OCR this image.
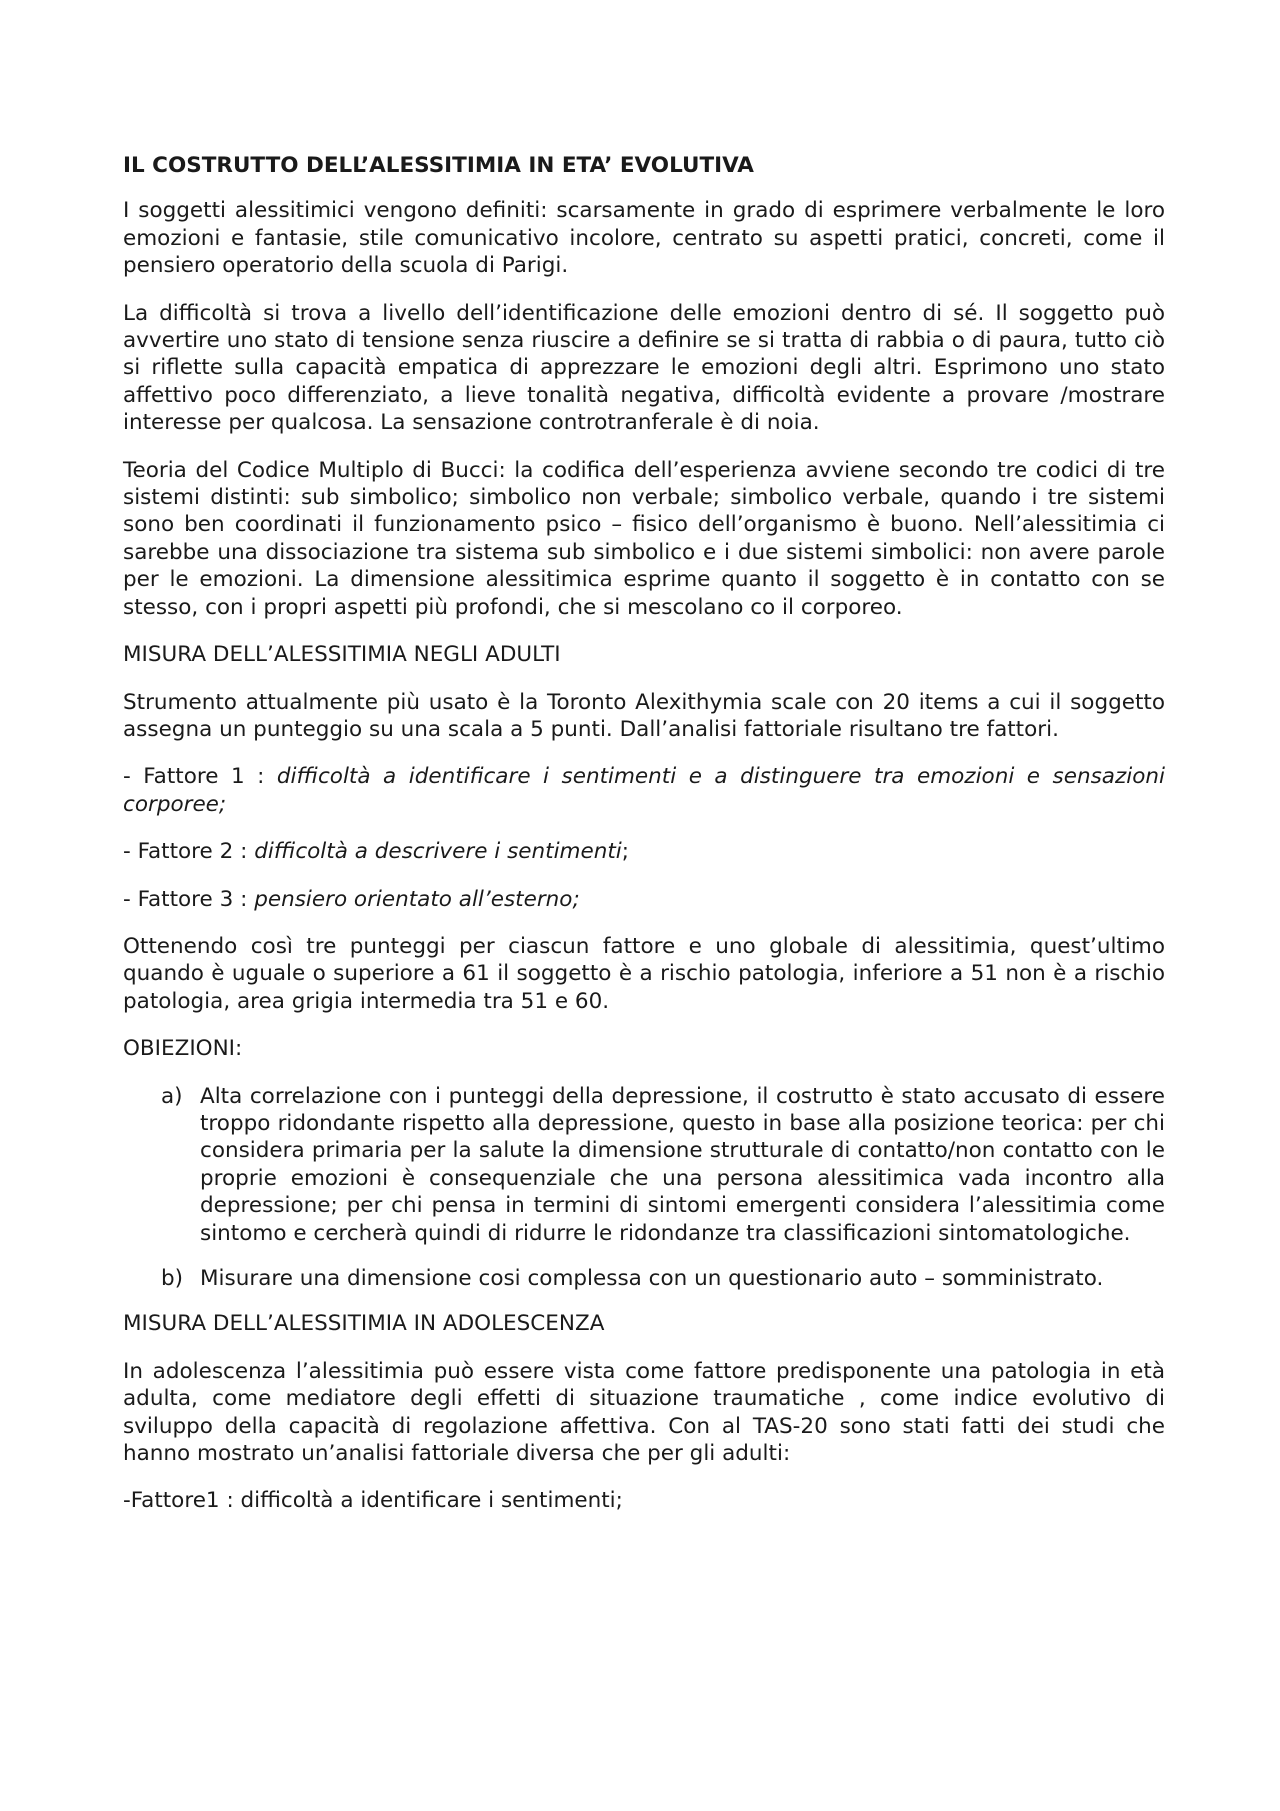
IL COSTRUTTO DELL’ALESSITIMIA IN ETA’ EVOLUTIVA

I soggetti alessitimici vengono definiti: scarsamente in grado di esprimere verbalmente le loro emozioni e fantasie, stile comunicativo incolore, centrato su aspetti pratici, concreti, come il pensiero operatorio della scuola di Parigi.

La difficoltà si trova a livello dell’identificazione delle emozioni dentro di sé. Il soggetto può avvertire uno stato di tensione senza riuscire a definire se si tratta di rabbia o di paura, tutto ciò si riflette sulla capacità empatica di apprezzare le emozioni degli altri. Esprimono uno stato affettivo poco differenziato, a lieve tonalità negativa, difficoltà evidente a provare /mostrare interesse per qualcosa. La sensazione controtranferale è di noia.

Teoria del Codice Multiplo di Bucci: la codifica dell’esperienza avviene secondo tre codici di tre sistemi distinti: sub simbolico; simbolico non verbale; simbolico verbale, quando i tre sistemi sono ben coordinati il funzionamento psico – fisico dell’organismo è buono. Nell’alessitimia ci sarebbe una dissociazione tra sistema sub simbolico e i due sistemi simbolici: non avere parole per le emozioni. La dimensione alessitimica esprime quanto il soggetto è in contatto con se stesso, con i propri aspetti più profondi, che si mescolano co il corporeo.

MISURA DELL’ALESSITIMIA NEGLI ADULTI

Strumento attualmente più usato è la Toronto Alexithymia scale con 20 items a cui il soggetto assegna un punteggio su una scala a 5 punti. Dall’analisi fattoriale risultano tre fattori.

- Fattore 1 : difficoltà a identificare i sentimenti e a distinguere tra emozioni e sensazioni corporee;

- Fattore 2 : difficoltà a descrivere i sentimenti;

- Fattore 3 : pensiero orientato all’esterno;

Ottenendo così tre punteggi per ciascun fattore e uno globale di alessitimia, quest’ultimo quando è uguale o superiore a 61 il soggetto è a rischio patologia, inferiore a 51 non è a rischio patologia, area grigia intermedia tra 51 e 60.

OBIEZIONI:

a) Alta correlazione con i punteggi della depressione, il costrutto è stato accusato di essere troppo ridondante rispetto alla depressione, questo in base alla posizione teorica: per chi considera primaria per la salute la dimensione strutturale di contatto/non contatto con le proprie emozioni è consequenziale che una persona alessitimica vada incontro alla depressione; per chi pensa in termini di sintomi emergenti considera l’alessitimia come sintomo e cercherà quindi di ridurre le ridondanze tra classificazioni sintomatologiche.
b) Misurare una dimensione cosi complessa con un questionario auto – somministrato.

MISURA DELL’ALESSITIMIA IN ADOLESCENZA

In adolescenza l’alessitimia può essere vista come fattore predisponente una patologia in età adulta, come mediatore degli effetti di situazione traumatiche , come indice evolutivo di sviluppo della capacità di regolazione affettiva. Con al TAS-20 sono stati fatti dei studi che hanno mostrato un’analisi fattoriale diversa che per gli adulti:

-Fattore1 : difficoltà a identificare i sentimenti;
